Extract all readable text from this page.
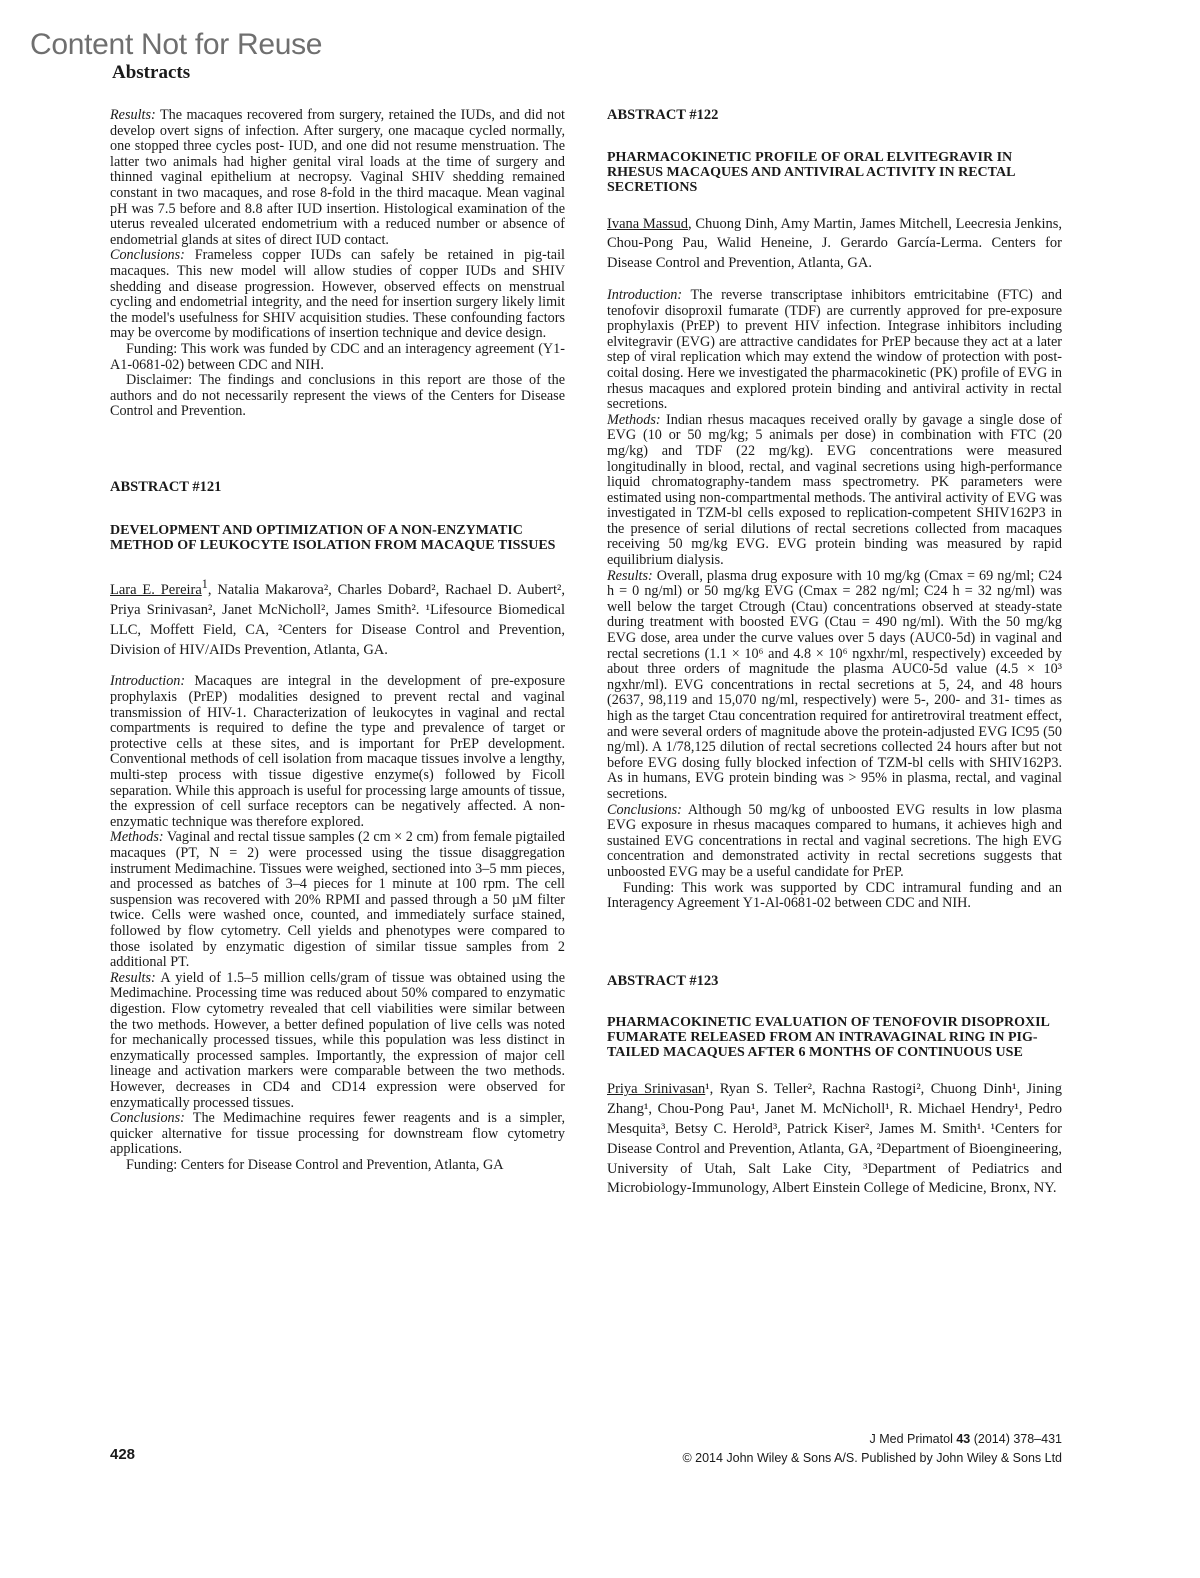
Content Not for Reuse
Abstracts

Results: The macaques recovered from surgery, retained the IUDs, and did not develop overt signs of infection. After surgery, one macaque cycled normally, one stopped three cycles post- IUD, and one did not resume menstruation. The latter two animals had higher genital viral loads at the time of surgery and thinned vaginal epithelium at necropsy. Vaginal SHIV shedding remained constant in two macaques, and rose 8-fold in the third macaque. Mean vaginal pH was 7.5 before and 8.8 after IUD insertion. Histological examination of the uterus revealed ulcerated endometrium with a reduced number or absence of endometrial glands at sites of direct IUD contact.

Conclusions: Frameless copper IUDs can safely be retained in pig-tail macaques. This new model will allow studies of copper IUDs and SHIV shedding and disease progression. However, observed effects on menstrual cycling and endometrial integrity, and the need for insertion surgery likely limit the model's usefulness for SHIV acquisition studies. These confounding factors may be overcome by modifications of insertion technique and device design.

Funding: This work was funded by CDC and an interagency agreement (Y1-A1-0681-02) between CDC and NIH.

Disclaimer: The findings and conclusions in this report are those of the authors and do not necessarily represent the views of the Centers for Disease Control and Prevention.

ABSTRACT #121

DEVELOPMENT AND OPTIMIZATION OF A NON-ENZYMATIC METHOD OF LEUKOCYTE ISOLATION FROM MACAQUE TISSUES

Lara E. Pereira$^1$, Natalia Makarova², Charles Dobard², Rachael D. Aubert², Priya Srinivasan², Janet McNicholl², James Smith². ¹Lifesource Biomedical LLC, Moffett Field, CA, ²Centers for Disease Control and Prevention, Division of HIV/AIDs Prevention, Atlanta, GA.

Introduction: Macaques are integral in the development of pre-exposure prophylaxis (PrEP) modalities designed to prevent rectal and vaginal transmission of HIV-1. Characterization of leukocytes in vaginal and rectal compartments is required to define the type and prevalence of target or protective cells at these sites, and is important for PrEP development. Conventional methods of cell isolation from macaque tissues involve a lengthy, multi-step process with tissue digestive enzyme(s) followed by Ficoll separation. While this approach is useful for processing large amounts of tissue, the expression of cell surface receptors can be negatively affected. A non-enzymatic technique was therefore explored.

Methods: Vaginal and rectal tissue samples (2 cm × 2 cm) from female pigtailed macaques (PT, N = 2) were processed using the tissue disaggregation instrument Medimachine. Tissues were weighed, sectioned into 3–5 mm pieces, and processed as batches of 3–4 pieces for 1 minute at 100 rpm. The cell suspension was recovered with 20% RPMI and passed through a 50 µM filter twice. Cells were washed once, counted, and immediately surface stained, followed by flow cytometry. Cell yields and phenotypes were compared to those isolated by enzymatic digestion of similar tissue samples from 2 additional PT.

Results: A yield of 1.5–5 million cells/gram of tissue was obtained using the Medimachine. Processing time was reduced about 50% compared to enzymatic digestion. Flow cytometry revealed that cell viabilities were similar between the two methods. However, a better defined population of live cells was noted for mechanically processed tissues, while this population was less distinct in enzymatically processed samples. Importantly, the expression of major cell lineage and activation markers were comparable between the two methods. However, decreases in CD4 and CD14 expression were observed for enzymatically processed tissues.

Conclusions: The Medimachine requires fewer reagents and is a simpler, quicker alternative for tissue processing for downstream flow cytometry applications.

Funding: Centers for Disease Control and Prevention, Atlanta, GA

ABSTRACT #122

PHARMACOKINETIC PROFILE OF ORAL ELVITEGRAVIR IN RHESUS MACAQUES AND ANTIVIRAL ACTIVITY IN RECTAL SECRETIONS

Ivana Massud, Chuong Dinh, Amy Martin, James Mitchell, Leecresia Jenkins, Chou-Pong Pau, Walid Heneine, J. Gerardo García-Lerma. Centers for Disease Control and Prevention, Atlanta, GA.

Introduction: The reverse transcriptase inhibitors emtricitabine (FTC) and tenofovir disoproxil fumarate (TDF) are currently approved for pre-exposure prophylaxis (PrEP) to prevent HIV infection. Integrase inhibitors including elvitegravir (EVG) are attractive candidates for PrEP because they act at a later step of viral replication which may extend the window of protection with post-coital dosing. Here we investigated the pharmacokinetic (PK) profile of EVG in rhesus macaques and explored protein binding and antiviral activity in rectal secretions.

Methods: Indian rhesus macaques received orally by gavage a single dose of EVG (10 or 50 mg/kg; 5 animals per dose) in combination with FTC (20 mg/kg) and TDF (22 mg/kg). EVG concentrations were measured longitudinally in blood, rectal, and vaginal secretions using high-performance liquid chromatography-tandem mass spectrometry. PK parameters were estimated using non-compartmental methods. The antiviral activity of EVG was investigated in TZM-bl cells exposed to replication-competent SHIV162P3 in the presence of serial dilutions of rectal secretions collected from macaques receiving 50 mg/kg EVG. EVG protein binding was measured by rapid equilibrium dialysis.

Results: Overall, plasma drug exposure with 10 mg/kg (Cmax = 69 ng/ml; C24 h = 0 ng/ml) or 50 mg/kg EVG (Cmax = 282 ng/ml; C24 h = 32 ng/ml) was well below the target Ctrough (Ctau) concentrations observed at steady-state during treatment with boosted EVG (Ctau = 490 ng/ml). With the 50 mg/kg EVG dose, area under the curve values over 5 days (AUC0-5d) in vaginal and rectal secretions (1.1 × 10⁶ and 4.8 × 10⁶ ngxhr/ml, respectively) exceeded by about three orders of magnitude the plasma AUC0-5d value (4.5 × 10³ ngxhr/ml). EVG concentrations in rectal secretions at 5, 24, and 48 hours (2637, 98,119 and 15,070 ng/ml, respectively) were 5-, 200- and 31- times as high as the target Ctau concentration required for antiretroviral treatment effect, and were several orders of magnitude above the protein-adjusted EVG IC95 (50 ng/ml). A 1/78,125 dilution of rectal secretions collected 24 hours after but not before EVG dosing fully blocked infection of TZM-bl cells with SHIV162P3. As in humans, EVG protein binding was > 95% in plasma, rectal, and vaginal secretions.

Conclusions: Although 50 mg/kg of unboosted EVG results in low plasma EVG exposure in rhesus macaques compared to humans, it achieves high and sustained EVG concentrations in rectal and vaginal secretions. The high EVG concentration and demonstrated activity in rectal secretions suggests that unboosted EVG may be a useful candidate for PrEP.

Funding: This work was supported by CDC intramural funding and an Interagency Agreement Y1-Al-0681-02 between CDC and NIH.

ABSTRACT #123

PHARMACOKINETIC EVALUATION OF TENOFOVIR DISOPROXIL FUMARATE RELEASED FROM AN INTRAVAGINAL RING IN PIG-TAILED MACAQUES AFTER 6 MONTHS OF CONTINUOUS USE

Priya Srinivasan¹, Ryan S. Teller², Rachna Rastogi², Chuong Dinh¹, Jining Zhang¹, Chou-Pong Pau¹, Janet M. McNicholl¹, R. Michael Hendry¹, Pedro Mesquita³, Betsy C. Herold³, Patrick Kiser², James M. Smith¹. ¹Centers for Disease Control and Prevention, Atlanta, GA, ²Department of Bioengineering, University of Utah, Salt Lake City, ³Department of Pediatrics and Microbiology-Immunology, Albert Einstein College of Medicine, Bronx, NY.

428
J Med Primatol 43 (2014) 378–431
© 2014 John Wiley & Sons A/S. Published by John Wiley & Sons Ltd
